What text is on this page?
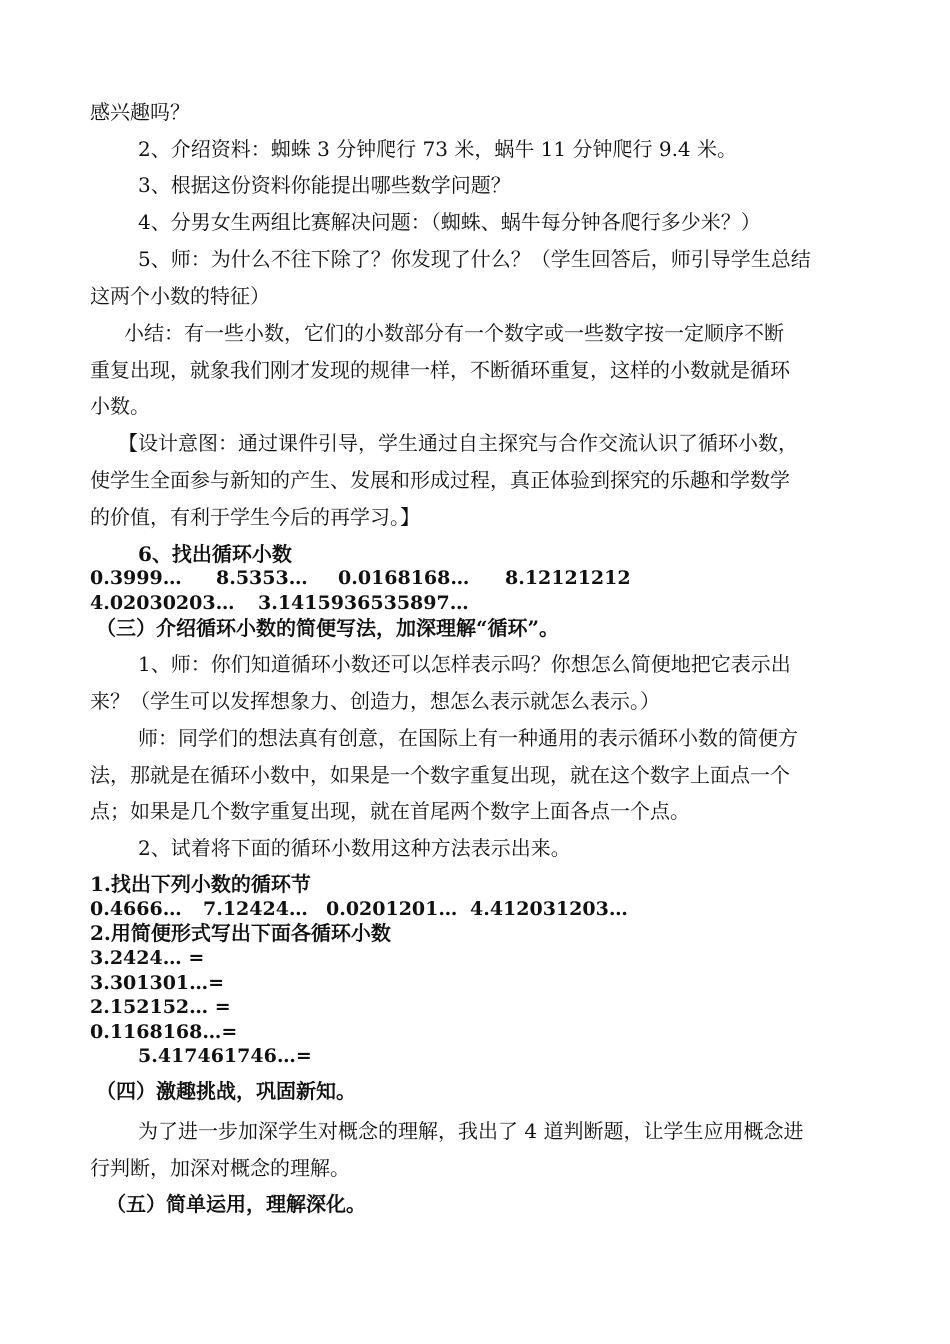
感兴趣吗？
2、介绍资料：蜘蛛 3 分钟爬行 73 米，蜗牛 11 分钟爬行 9.4 米。
3、根据这份资料你能提出哪些数学问题？
4、分男女生两组比赛解决问题：（蜘蛛、蜗牛每分钟各爬行多少米？）
5、师：为什么不往下除了？你发现了什么？（学生回答后，师引导学生总结
这两个小数的特征）
小结：有一些小数，它们的小数部分有一个数字或一些数字按一定顺序不断
重复出现，就象我们刚才发现的规律一样，不断循环重复，这样的小数就是循环
小数。
【设计意图：通过课件引导，学生通过自主探究与合作交流认识了循环小数，
使学生全面参与新知的产生、发展和形成过程，真正体验到探究的乐趣和学数学
的价值，有利于学生今后的再学习。】
6、找出循环小数
0.3999… 8.5353… 0.0168168… 8.12121212
4.02030203… 3.1415936535897…
（三）介绍循环小数的简便写法，加深理解“循环”。
1、师：你们知道循环小数还可以怎样表示吗？你想怎么简便地把它表示出
来？（学生可以发挥想象力、创造力，想怎么表示就怎么表示。）
师：同学们的想法真有创意，在国际上有一种通用的表示循环小数的简便方
法，那就是在循环小数中，如果是一个数字重复出现，就在这个数字上面点一个
点；如果是几个数字重复出现，就在首尾两个数字上面各点一个点。
2、试着将下面的循环小数用这种方法表示出来。
1.找出下列小数的循环节
0.4666… 7.12424… 0.0201201… 4.412031203…
2.用简便形式写出下面各循环小数
3.2424… =
3.301301…=
2.152152… =
0.1168168…=
5.417461746…=
（四）激趣挑战，巩固新知。
为了进一步加深学生对概念的理解，我出了 4 道判断题，让学生应用概念进
行判断，加深对概念的理解。
（五）简单运用，理解深化。
